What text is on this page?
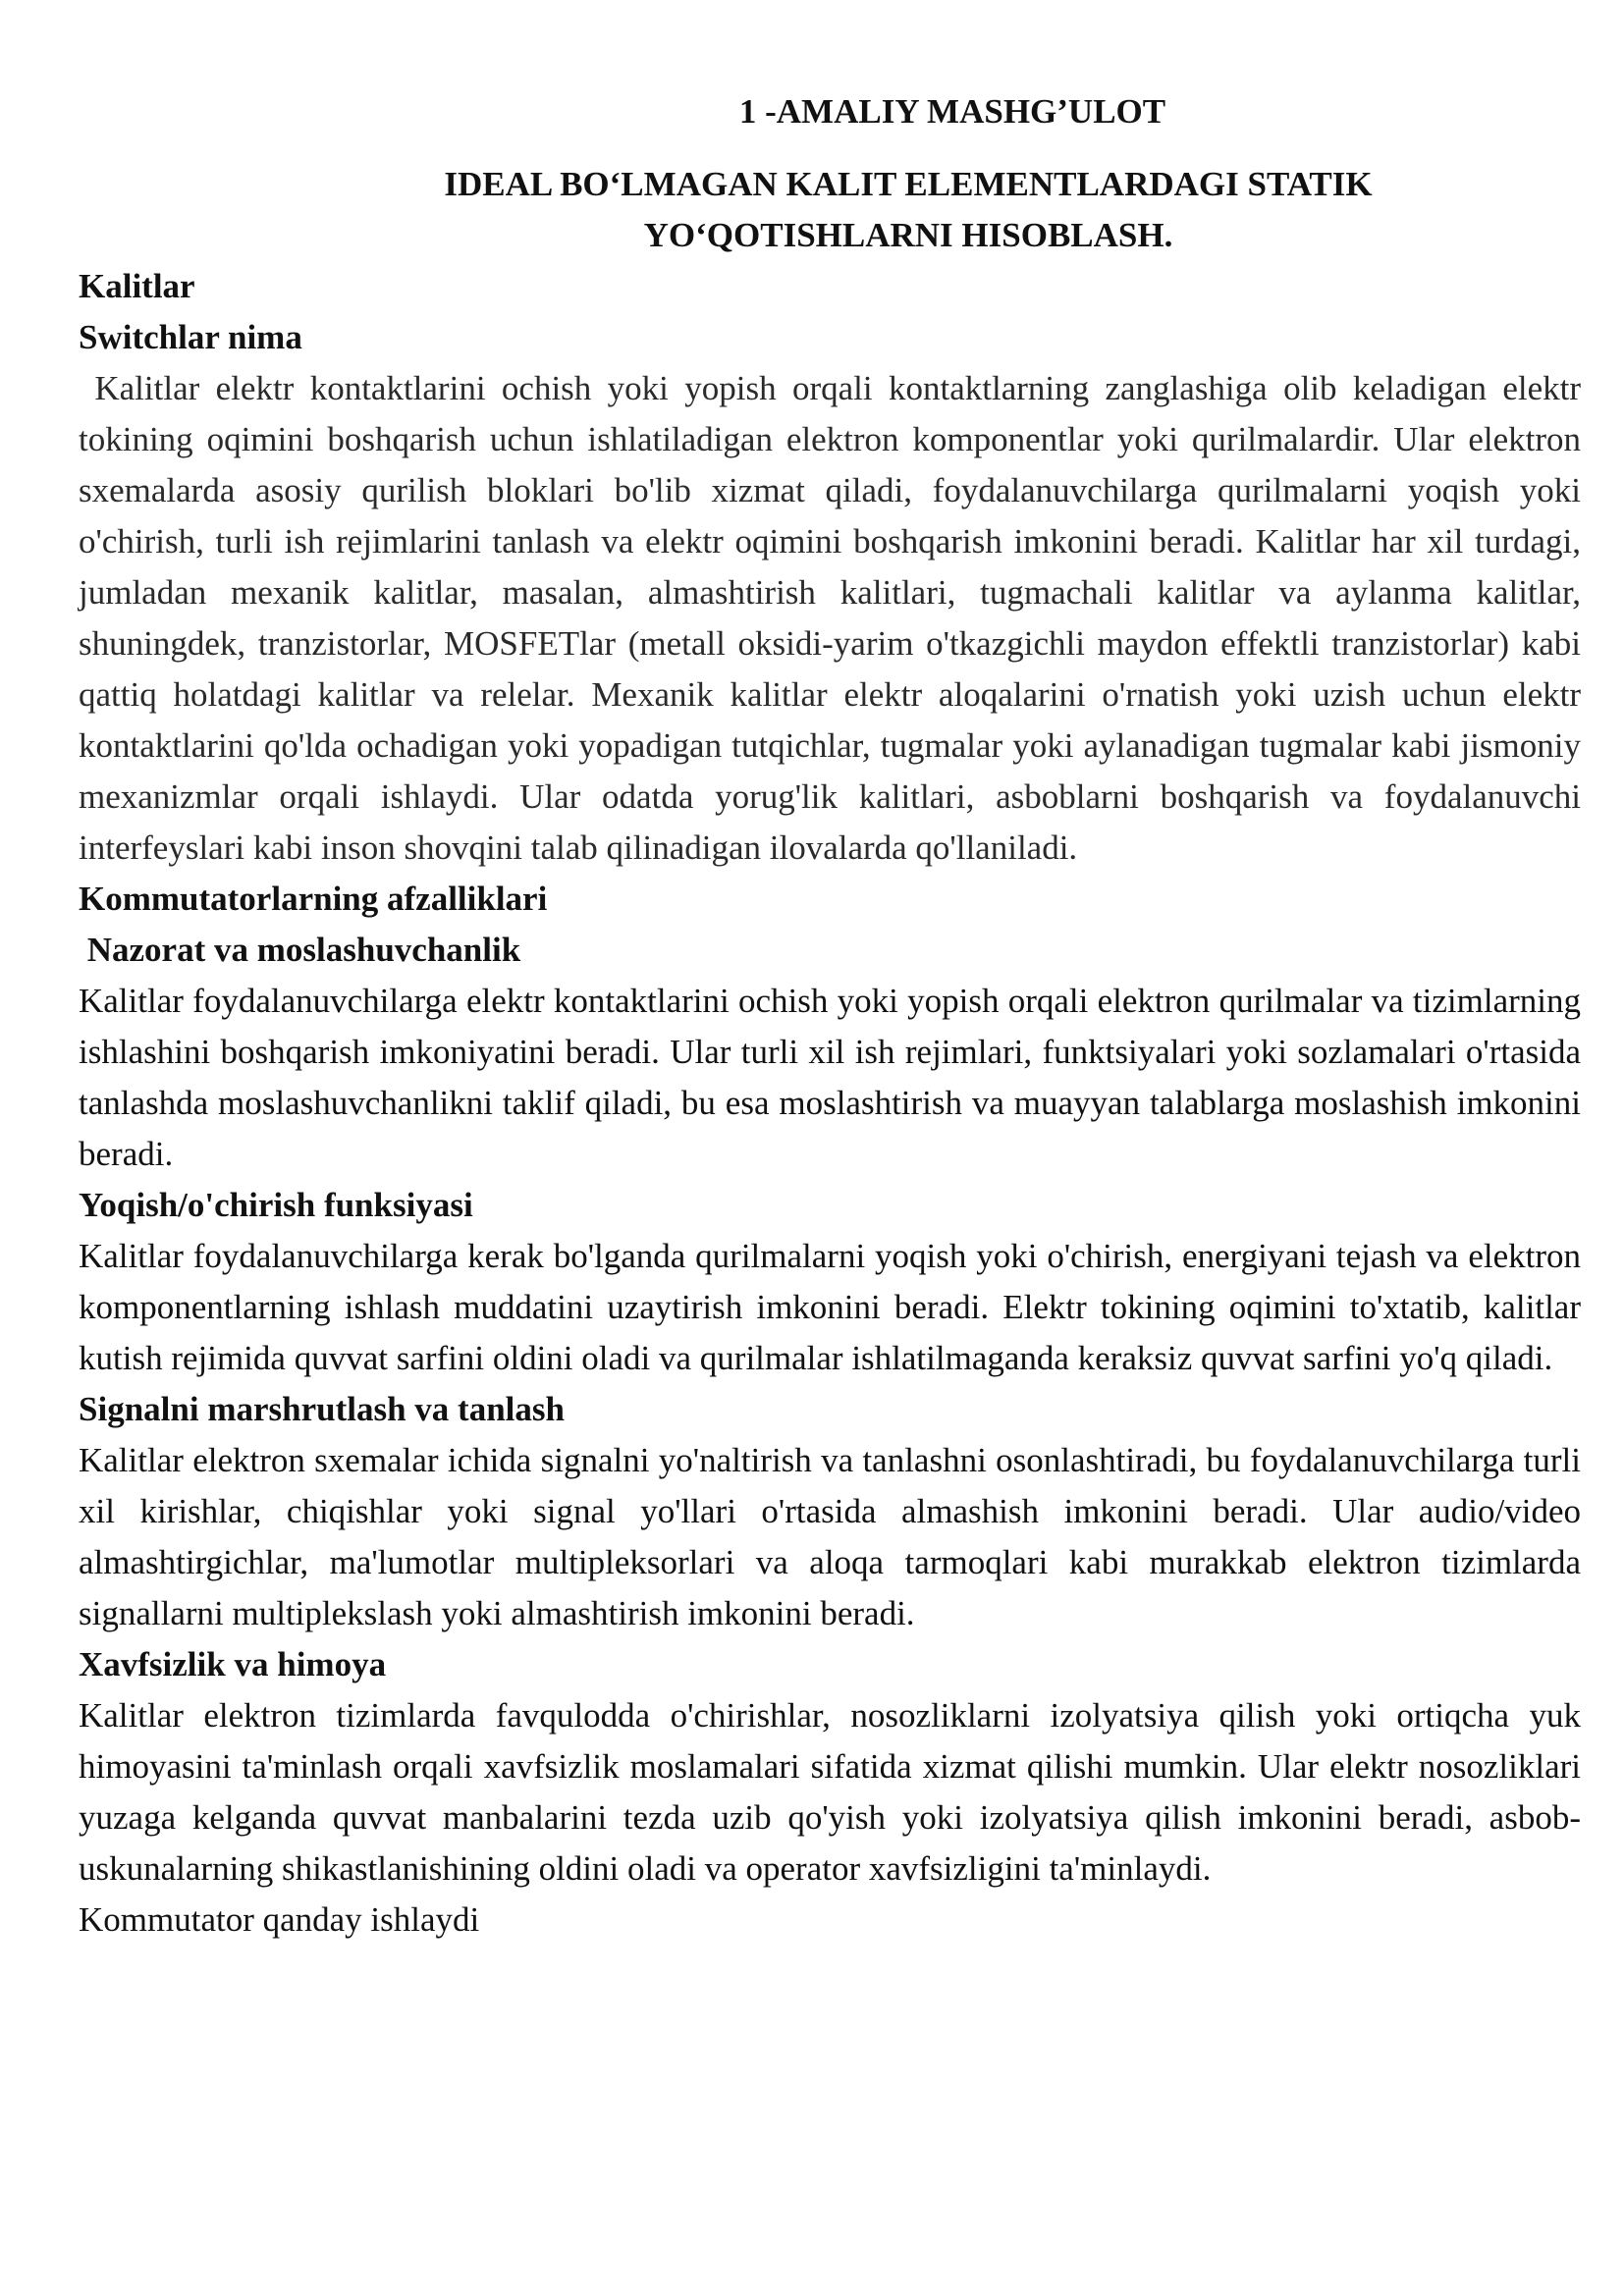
1 -AMALIY MASHG’ULOT

IDEAL BO‘LMAGAN KALIT ELEMENTLARDAGI STATIK

YO‘QOTISHLARNI HISOBLASH.

Kalitlar

Switchlar nima

Kalitlar elektr kontaktlarini ochish yoki yopish orqali kontaktlarning zanglashiga olib keladigan elektr tokining oqimini boshqarish uchun ishlatiladigan elektron komponentlar yoki qurilmalardir. Ular elektron sxemalarda asosiy qurilish bloklari bo'lib xizmat qiladi, foydalanuvchilarga qurilmalarni yoqish yoki o'chirish, turli ish rejimlarini tanlash va elektr oqimini boshqarish imkonini beradi. Kalitlar har xil turdagi, jumladan mexanik kalitlar, masalan, almashtirish kalitlari, tugmachali kalitlar va aylanma kalitlar, shuningdek, tranzistorlar, MOSFETlar (metall oksidi-yarim o'tkazgichli maydon effektli tranzistorlar) kabi qattiq holatdagi kalitlar va relelar. Mexanik kalitlar elektr aloqalarini o'rnatish yoki uzish uchun elektr kontaktlarini qo'lda ochadigan yoki yopadigan tutqichlar, tugmalar yoki aylanadigan tugmalar kabi jismoniy mexanizmlar orqali ishlaydi. Ular odatda yorug'lik kalitlari, asboblarni boshqarish va foydalanuvchi interfeyslari kabi inson shovqini talab qilinadigan ilovalarda qo'llaniladi.

Kommutatorlarning afzalliklari

Nazorat va moslashuvchanlik

Kalitlar foydalanuvchilarga elektr kontaktlarini ochish yoki yopish orqali elektron qurilmalar va tizimlarning ishlashini boshqarish imkoniyatini beradi. Ular turli xil ish rejimlari, funktsiyalari yoki sozlamalari o'rtasida tanlashda moslashuvchanlikni taklif qiladi, bu esa moslashtirish va muayyan talablarga moslashish imkonini beradi.

Yoqish/o'chirish funksiyasi

Kalitlar foydalanuvchilarga kerak bo'lganda qurilmalarni yoqish yoki o'chirish, energiyani tejash va elektron komponentlarning ishlash muddatini uzaytirish imkonini beradi. Elektr tokining oqimini to'xtatib, kalitlar kutish rejimida quvvat sarfini oldini oladi va qurilmalar ishlatilmaganda keraksiz quvvat sarfini yo'q qiladi.

Signalni marshrutlash va tanlash

Kalitlar elektron sxemalar ichida signalni yo'naltirish va tanlashni osonlashtiradi, bu foydalanuvchilarga turli xil kirishlar, chiqishlar yoki signal yo'llari o'rtasida almashish imkonini beradi. Ular audio/video almashtirgichlar, ma'lumotlar multipleksorlari va aloqa tarmoqlari kabi murakkab elektron tizimlarda signallarni multiplekslash yoki almashtirish imkonini beradi.

Xavfsizlik va himoya

Kalitlar elektron tizimlarda favqulodda o'chirishlar, nosozliklarni izolyatsiya qilish yoki ortiqcha yuk himoyasini ta'minlash orqali xavfsizlik moslamalari sifatida xizmat qilishi mumkin. Ular elektr nosozliklari yuzaga kelganda quvvat manbalarini tezda uzib qo'yish yoki izolyatsiya qilish imkonini beradi, asbob-uskunalarning shikastlanishining oldini oladi va operator xavfsizligini ta'minlaydi.

Kommutator qanday ishlaydi
